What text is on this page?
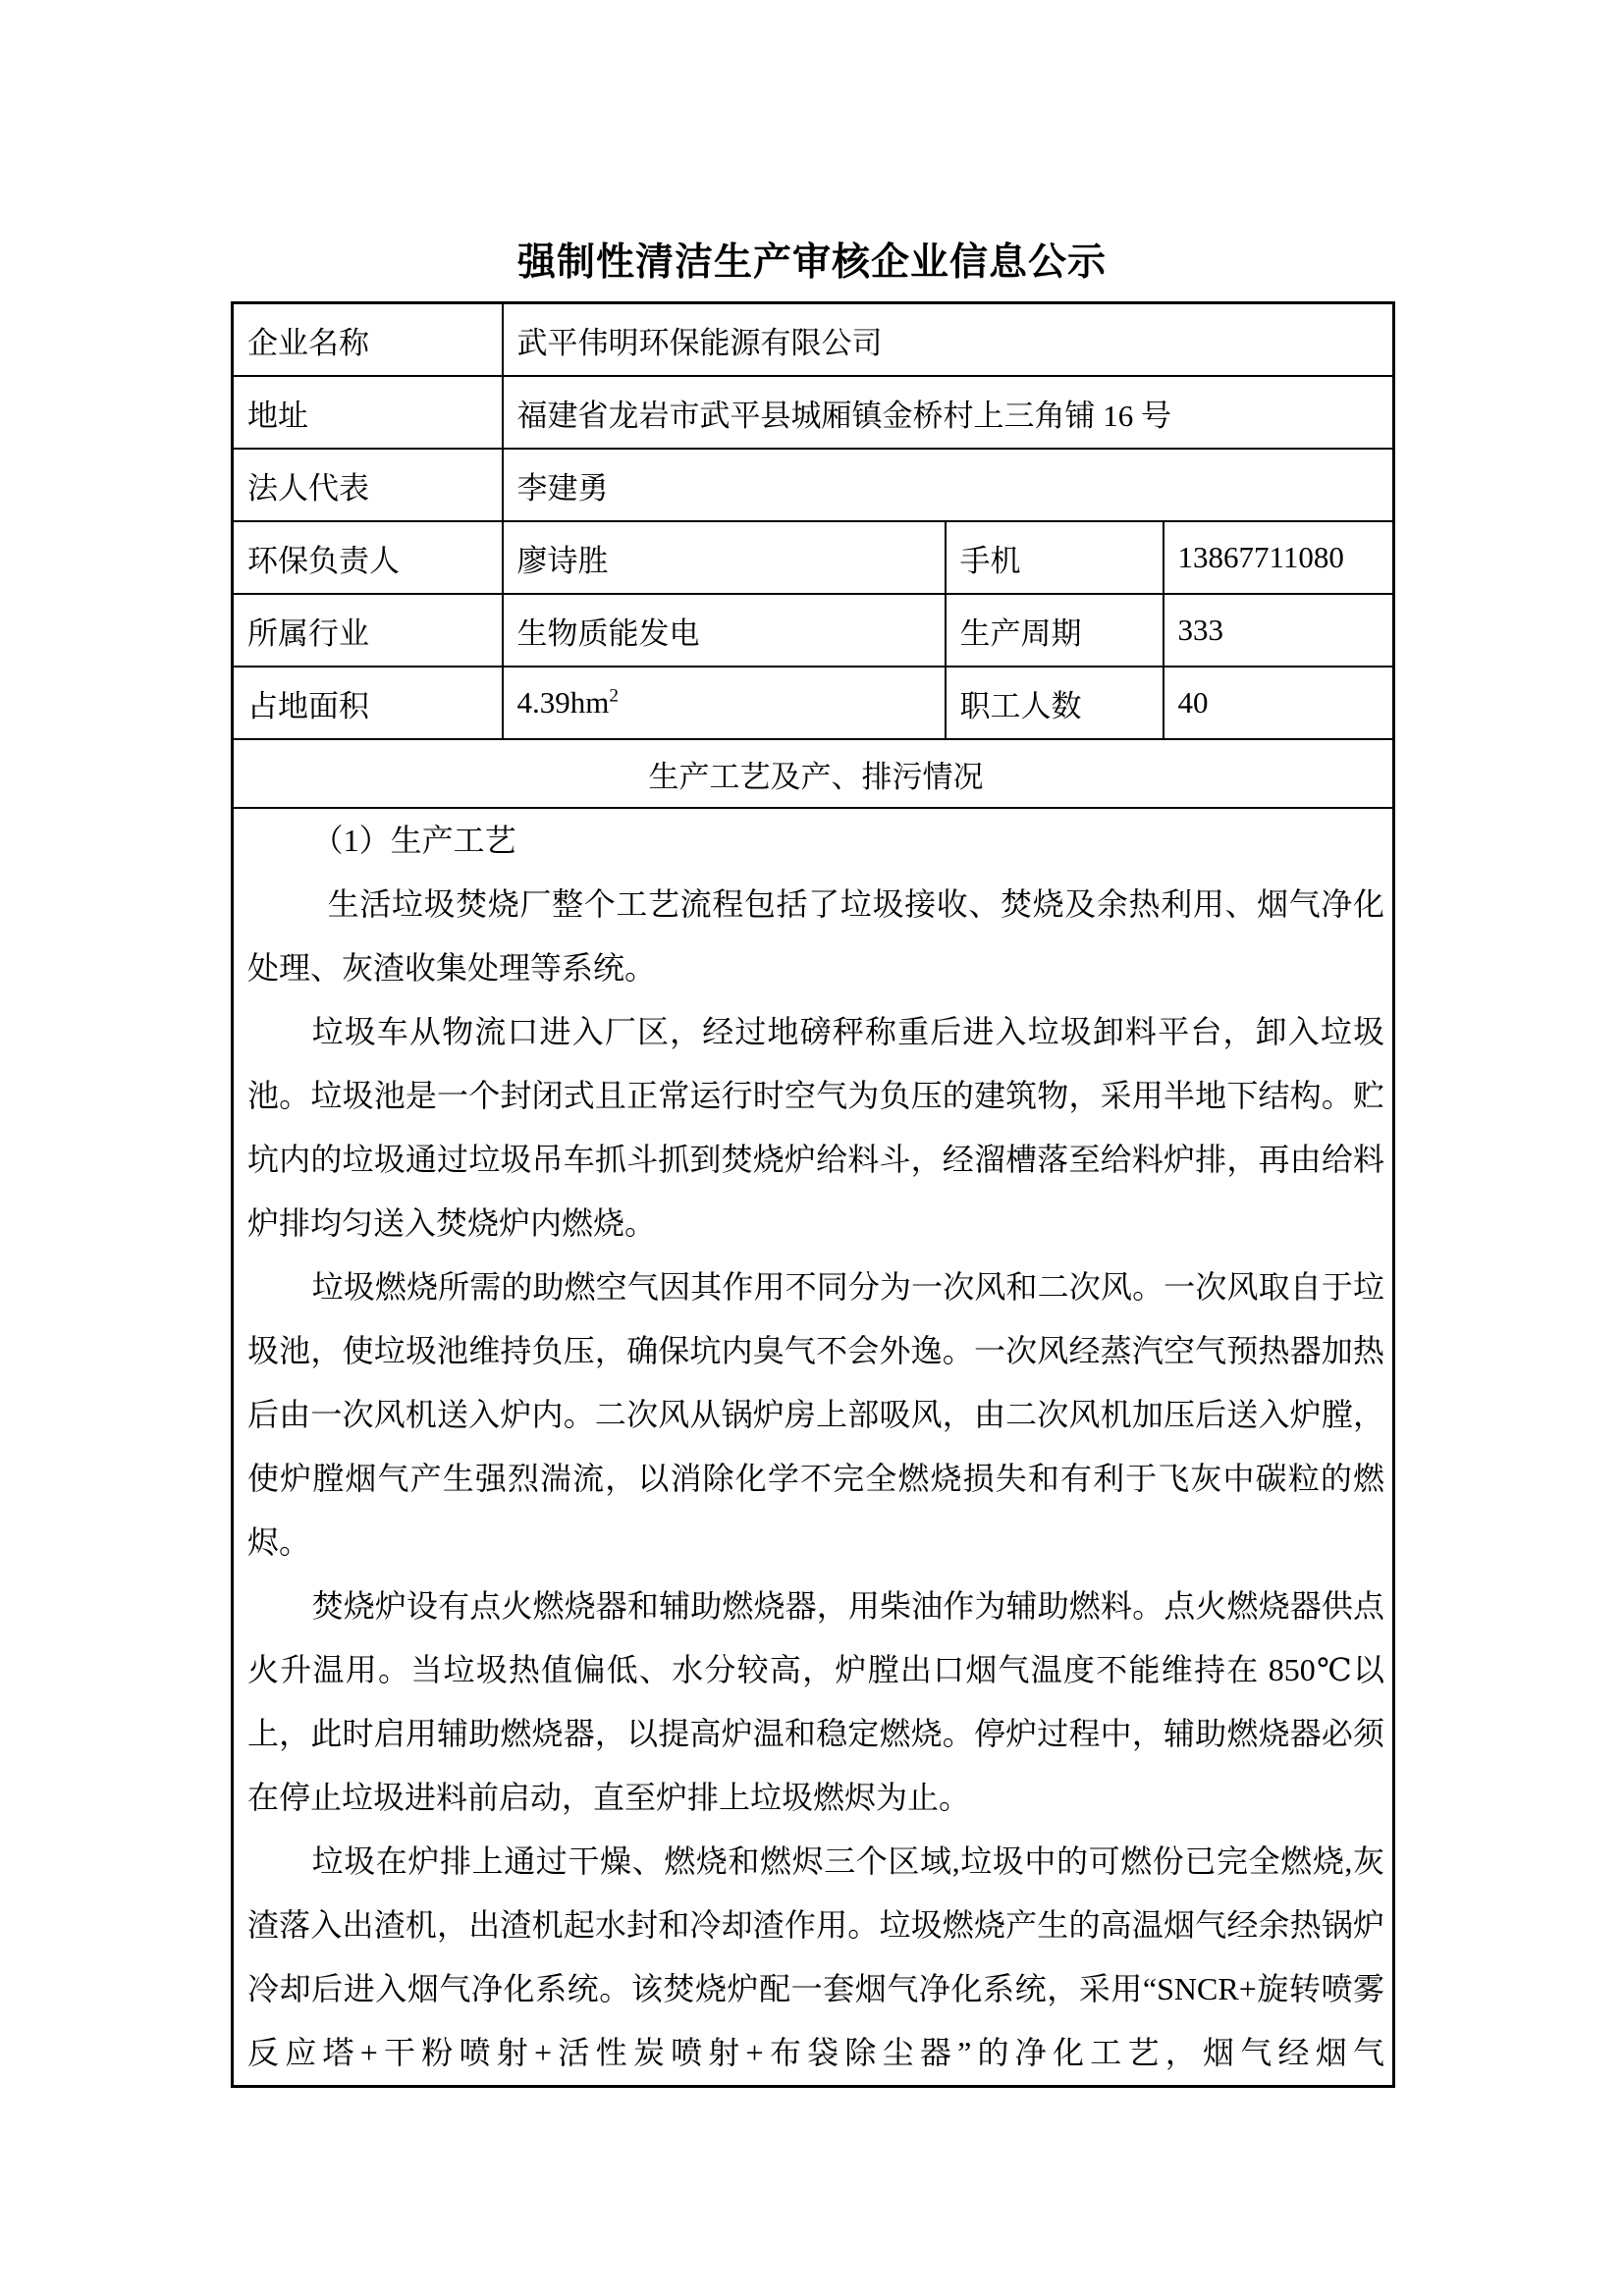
强制性清洁生产审核企业信息公示
企业名称	武平伟明环保能源有限公司		
地址	福建省龙岩市武平县城厢镇金桥村上三角铺 16 号		
法人代表	李建勇		
环保负责人	廖诗胜	手机	13867711080
所属行业	生物质能发电	生产周期	333
占地面积	$4.39hm^2$	职工人数	40
生产工艺及产、排污情况			

（1）生产工艺
生活垃圾焚烧厂整个工艺流程包括了垃圾接收、焚烧及余热利用、烟气净化处理、灰渣收集处理等系统。
垃圾车从物流口进入厂区，经过地磅秤称重后进入垃圾卸料平台，卸入垃圾池。垃圾池是一个封闭式且正常运行时空气为负压的建筑物，采用半地下结构。贮坑内的垃圾通过垃圾吊车抓斗抓到焚烧炉给料斗，经溜槽落至给料炉排，再由给料炉排均匀送入焚烧炉内燃烧。
垃圾燃烧所需的助燃空气因其作用不同分为一次风和二次风。一次风取自于垃圾池，使垃圾池维持负压，确保坑内臭气不会外逸。一次风经蒸汽空气预热器加热后由一次风机送入炉内。二次风从锅炉房上部吸风，由二次风机加压后送入炉膛，使炉膛烟气产生强烈湍流，以消除化学不完全燃烧损失和有利于飞灰中碳粒的燃烬。
焚烧炉设有点火燃烧器和辅助燃烧器，用柴油作为辅助燃料。点火燃烧器供点火升温用。当垃圾热值偏低、水分较高，炉膛出口烟气温度不能维持在 850℃以上，此时启用辅助燃烧器，以提高炉温和稳定燃烧。停炉过程中，辅助燃烧器必须在停止垃圾进料前启动，直至炉排上垃圾燃烬为止。
垃圾在炉排上通过干燥、燃烧和燃烬三个区域,垃圾中的可燃份已完全燃烧,灰渣落入出渣机，出渣机起水封和冷却渣作用。垃圾燃烧产生的高温烟气经余热锅炉冷却后进入烟气净化系统。该焚烧炉配一套烟气净化系统，采用“SNCR+旋转喷雾反应塔+干粉喷射+活性炭喷射+布袋除尘器”的净化工艺，烟气经烟气
